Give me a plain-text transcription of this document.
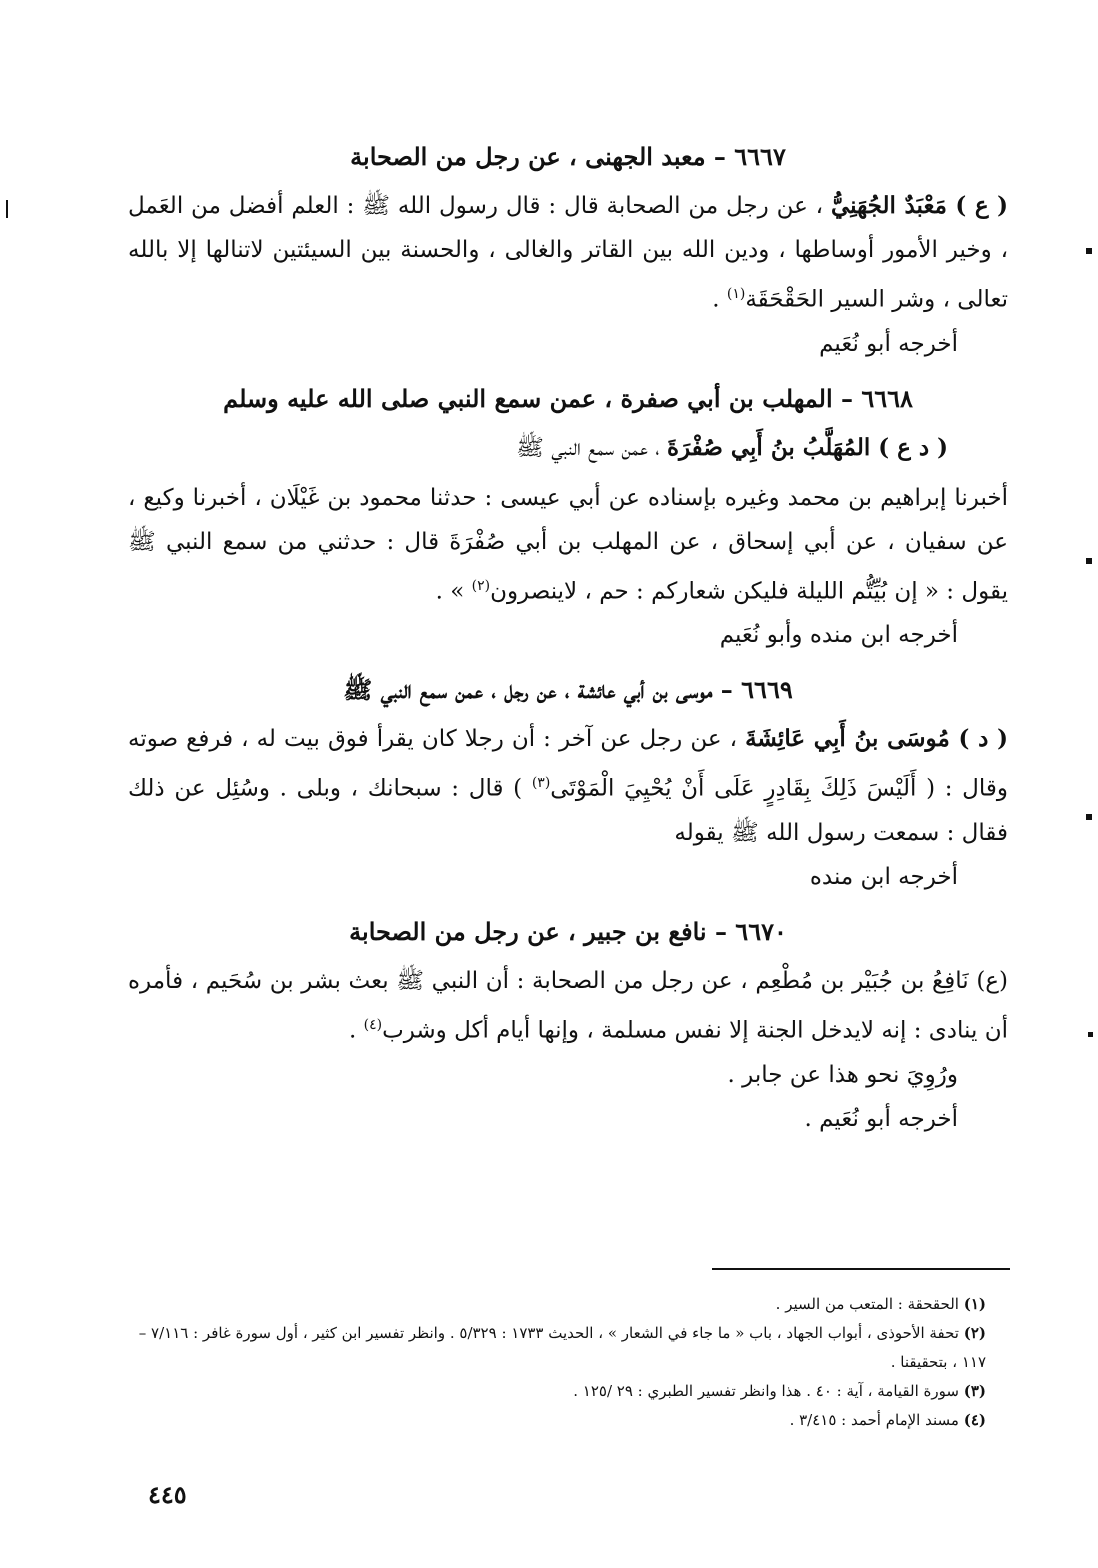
٦٦٦٧ – معبد الجهنى ، عن رجل من الصحابة

( ع ) مَعْبَدٌ الجُهَنِيُّ ، عن رجل من الصحابة قال : قال رسول الله ﷺ : العلم أفضل من العَمل ، وخير الأمور أوساطها ، ودين الله بين القاتر والغالى ، والحسنة بين السيئتين لاتنالها إلا بالله تعالى ، وشر السير الحَقْحَقَة$^{(١)}$ .

أخرجه أبو نُعَيم

٦٦٦٨ – المهلب بن أبي صفرة ، عمن سمع النبي صلى الله عليه وسلم

( د ع ) المُهَلَّبُ بنُ أَبِي صُفْرَةَ ، عمن سمع النبي ﷺ

أخبرنا إبراهيم بن محمد وغيره بإسناده عن أبي عيسى : حدثنا محمود بن غَيْلَان ، أخبرنا وكيع ، عن سفيان ، عن أبي إسحاق ، عن المهلب بن أبي صُفْرَةَ قال : حدثني من سمع النبي ﷺ يقول : « إن بُيِّتُّم الليلة فليكن شعاركم : حم ، لاينصرون$^{(٢)}$ » .

أخرجه ابن منده وأبو نُعَيم

٦٦٦٩ – موسى بن أبي عائشة ، عن رجل ، عمن سمع النبي ﷺ

( د ) مُوسَى بنُ أَبِي عَائِشَةَ ، عن رجل عن آخر : أن رجلا كان يقرأ فوق بيت له ، فرفع صوته وقال : ( أَلَيْسَ ذَلِكَ بِقَادِرٍ عَلَى أَنْ يُحْيِيَ الْمَوْتَى$^{(٣)}$ ) قال : سبحانك ، وبلى . وسُئِل عن ذلك فقال : سمعت رسول الله ﷺ يقوله

أخرجه ابن منده

٦٦٧٠ – نافع بن جبير ، عن رجل من الصحابة

(ع) نَافِعُ بن جُبَيْر بن مُطْعِم ، عن رجل من الصحابة : أن النبي ﷺ بعث بشر بن سُحَيم ، فأمره أن ينادى : إنه لايدخل الجنة إلا نفس مسلمة ، وإنها أيام أكل وشرب$^{(٤)}$ .

ورُوِيَ نحو هذا عن جابر .

أخرجه أبو نُعَيم .

(١) الحقحقة : المتعب من السير .

(٢) تحفة الأحوذى ، أبواب الجهاد ، باب « ما جاء في الشعار » ، الحديث ١٧٣٣ : ٥/٣٢٩ . وانظر تفسير ابن كثير ، أول سورة غافر : ٧/١١٦ – ١١٧ ، بتحقيقنا .

(٣) سورة القيامة ، آية : ٤٠ . هذا وانظر تفسير الطبري : ٢٩ /١٢٥ .

(٤) مسند الإمام أحمد : ٣/٤١٥ .

٤٤٥
